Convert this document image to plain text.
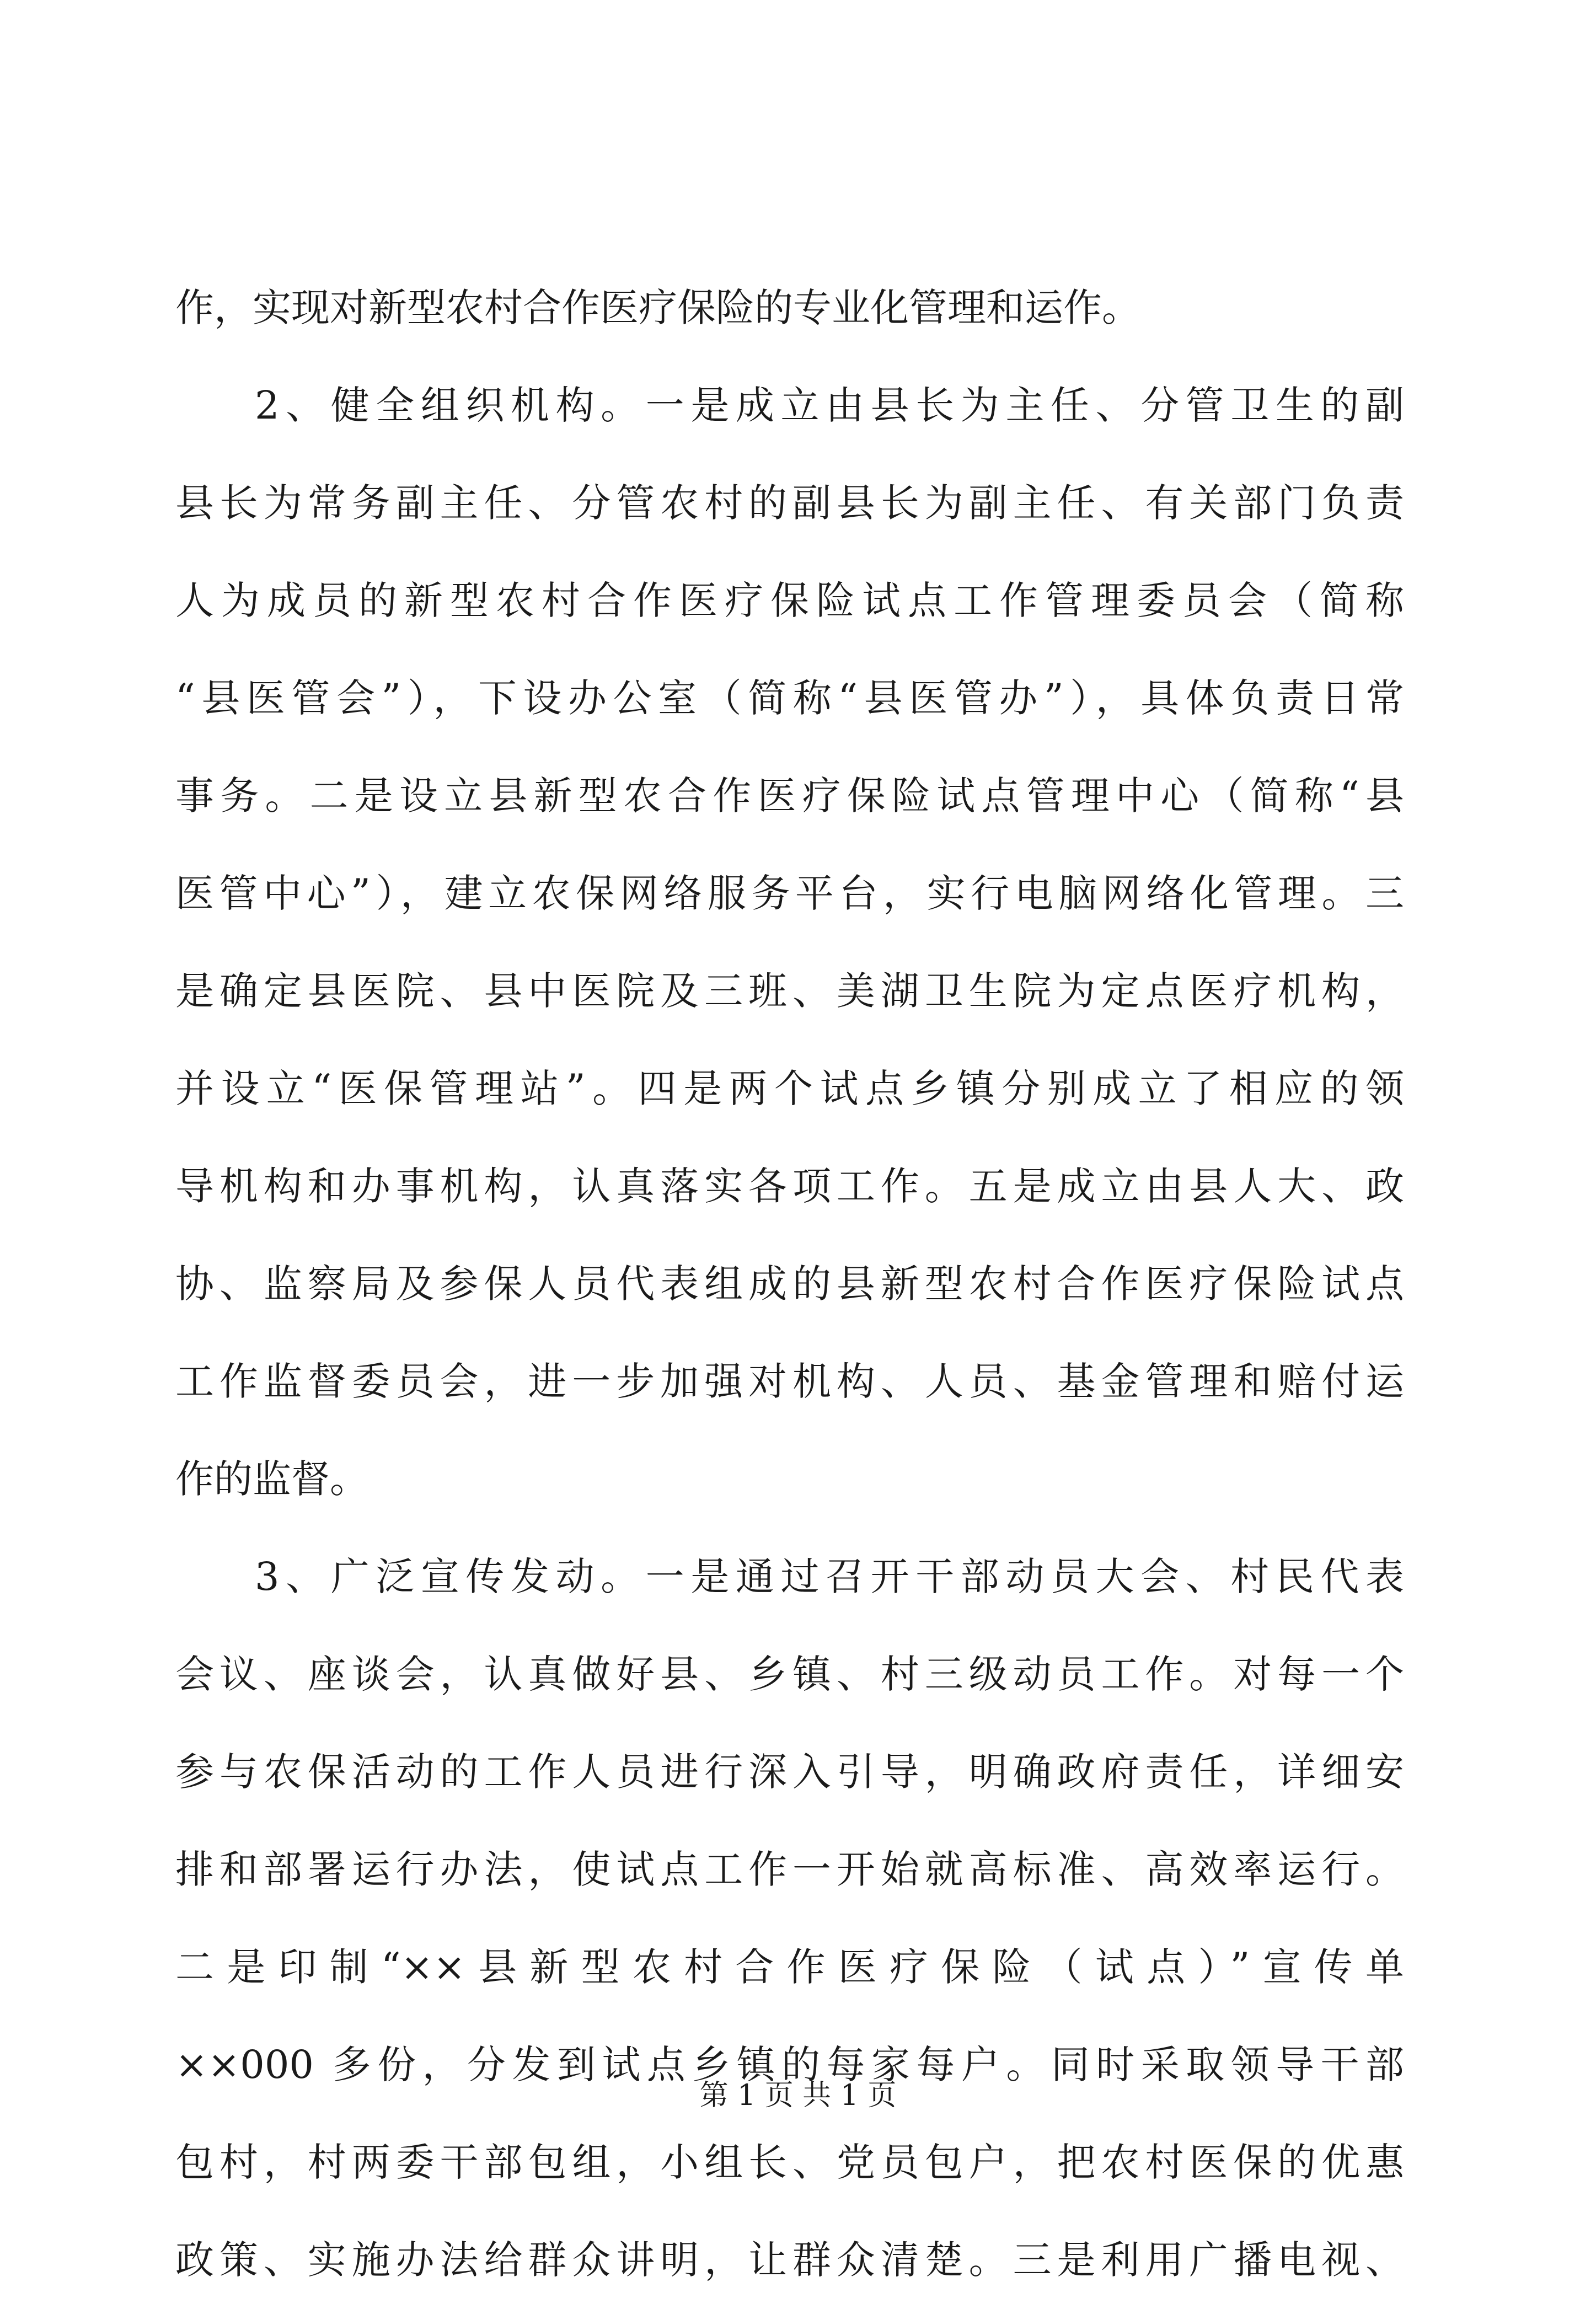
作，实现对新型农村合作医疗保险的专业化管理和运作。
2、健全组织机构。一是成立由县长为主任、分管卫生的副
县长为常务副主任、分管农村的副县长为副主任、有关部门负责
人为成员的新型农村合作医疗保险试点工作管理委员会（简称
“县医管会”），下设办公室（简称“县医管办”），具体负责日常
事务。二是设立县新型农合作医疗保险试点管理中心（简称“县
医管中心”），建立农保网络服务平台，实行电脑网络化管理。三
是确定县医院、县中医院及三班、美湖卫生院为定点医疗机构，
并设立“医保管理站”。四是两个试点乡镇分别成立了相应的领
导机构和办事机构，认真落实各项工作。五是成立由县人大、政
协、监察局及参保人员代表组成的县新型农村合作医疗保险试点
工作监督委员会，进一步加强对机构、人员、基金管理和赔付运
作的监督。
3、广泛宣传发动。一是通过召开干部动员大会、村民代表
会议、座谈会，认真做好县、乡镇、村三级动员工作。对每一个
参与农保活动的工作人员进行深入引导，明确政府责任，详细安
排和部署运行办法，使试点工作一开始就高标准、高效率运行。
二是印制“××县新型农村合作医疗保险（试点）”宣传单
××000 多份，分发到试点乡镇的每家每户。同时采取领导干部
包村，村两委干部包组，小组长、党员包户，把农村医保的优惠
政策、实施办法给群众讲明，让群众清楚。三是利用广播电视、
第 1 页 共 1 页
